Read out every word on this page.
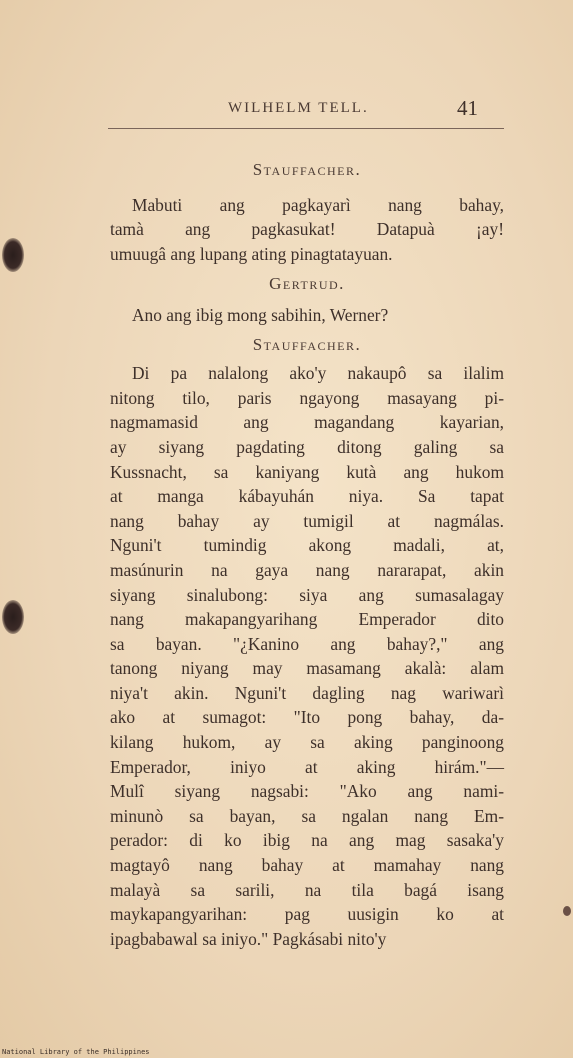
WILHELM TELL.	41
Stauffacher.
Mabuti ang pagkayarì nang bahay,
tamà ang pagkasukat! Datapuà ¡ay!
umuugâ ang lupang ating pinagtatayuan.
Gertrud.
Ano ang ibig mong sabihin, Werner?
Stauffacher.
Di pa nalalong ako'y nakaupô sa ilalim
nitong tilo, paris ngayong masayang pi-
nagmamasid ang magandang kayarian,
ay siyang pagdating ditong galing sa
Kussnacht, sa kaniyang kutà ang hukom
at manga kábayuhán niya. Sa tapat
nang bahay ay tumigil at nagmálas.
Nguni't tumindig akong madali, at,
masúnurin na gaya nang nararapat, akin
siyang sinalubong: siya ang sumasalagay
nang makapangyarihang Emperador dito
sa bayan. "¿Kanino ang bahay?," ang
tanong niyang may masamang akalà: alam
niya't akin. Nguni't dagling nag wariwarì
ako at sumagot: "Ito pong bahay, da-
kilang hukom, ay sa aking panginoong
Emperador, iniyo at aking hirám."—
Mulî siyang nagsabi: "Ako ang nami-
minunò sa bayan, sa ngalan nang Em-
perador: di ko ibig na ang mag sasaka'y
magtayô nang bahay at mamahay nang
malayà sa sarili, na tila bagá isang
maykapangyarihan: pag uusigin ko at
ipagbabawal sa iniyo." Pagkásabi nito'y
National Library of the Philippines
